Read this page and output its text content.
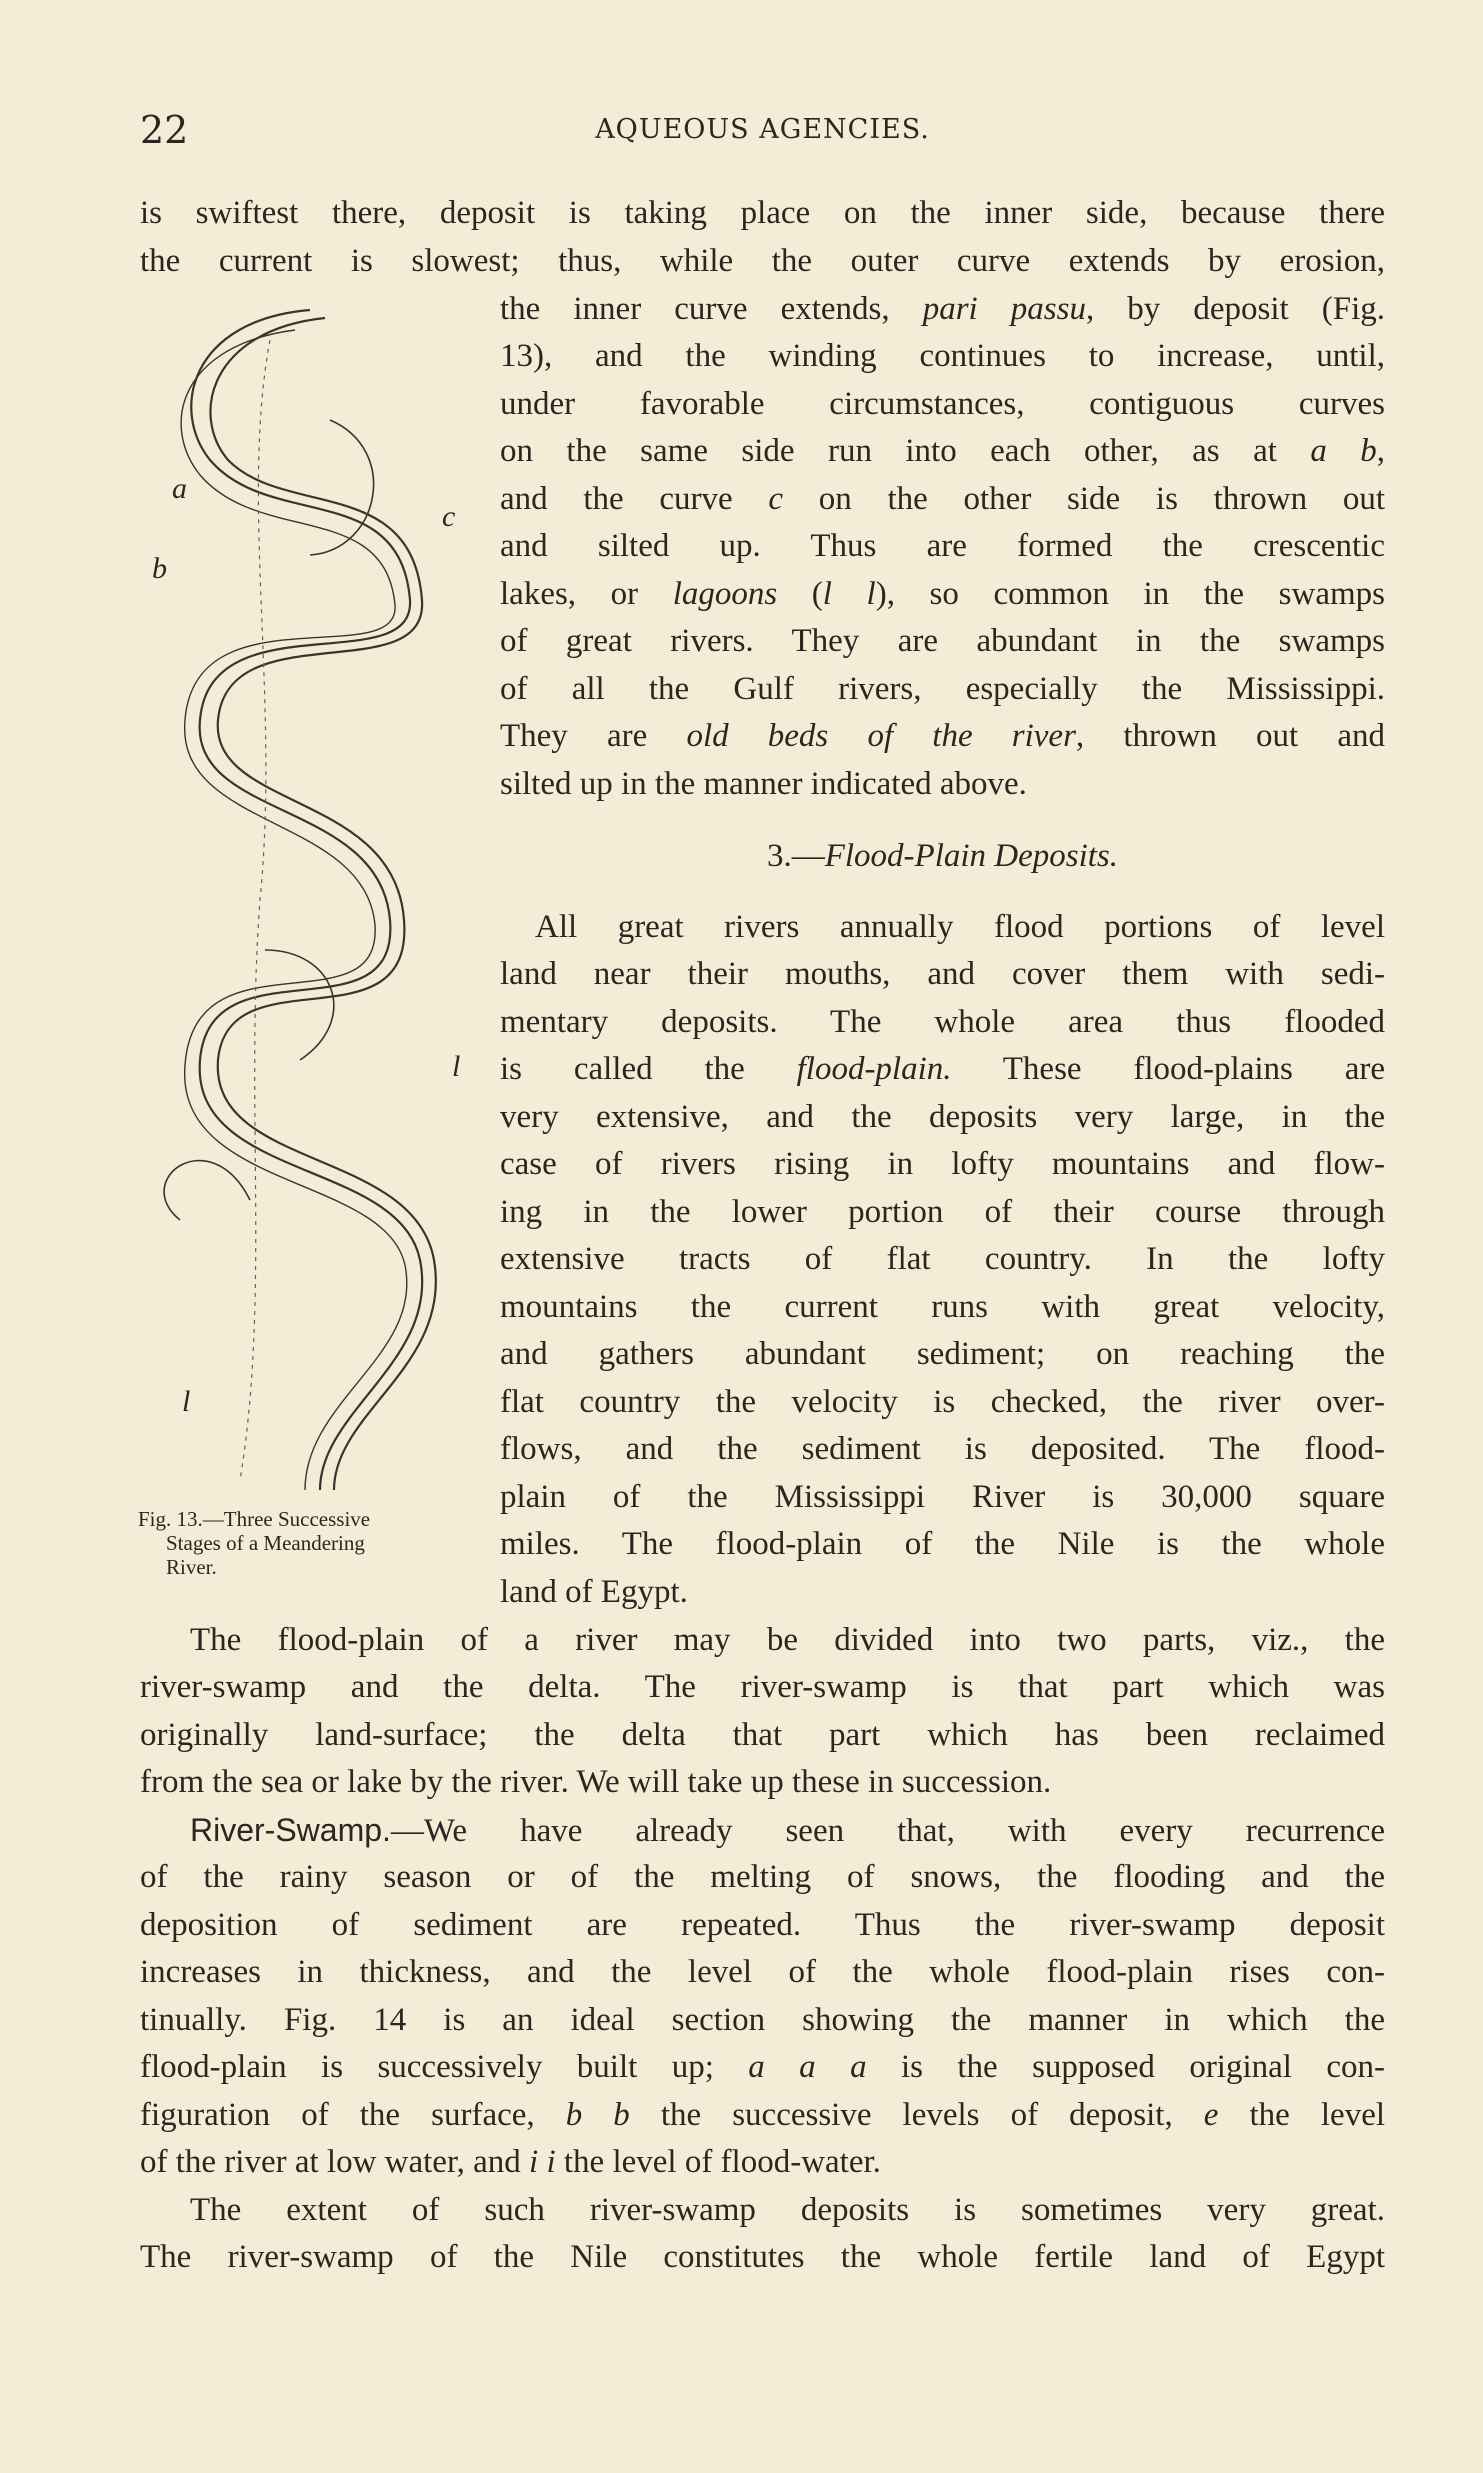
22	AQUEOUS AGENCIES.

is swiftest there, deposit is taking place on the inner side, because there

the current is slowest; thus, while the outer curve extends by erosion,

the inner curve extends, pari passu, by deposit (Fig.

13), and the winding continues to increase, until,

under favorable circumstances, contiguous curves

on the same side run into each other, as at a b,

and the curve c on the other side is thrown out

and silted up. Thus are formed the crescentic

lakes, or lagoons (l l), so common in the swamps

of great rivers. They are abundant in the swamps

of all the Gulf rivers, especially the Mississippi.

They are old beds of the river, thrown out and

silted up in the manner indicated above.

3.—Flood-Plain Deposits.

All great rivers annually flood portions of level

land near their mouths, and cover them with sedi-

mentary deposits. The whole area thus flooded

is called the flood-plain. These flood-plains are

very extensive, and the deposits very large, in the

case of rivers rising in lofty mountains and flow-

ing in the lower portion of their course through

extensive tracts of flat country. In the lofty

mountains the current runs with great velocity,

and gathers abundant sediment; on reaching the

flat country the velocity is checked, the river over-

flows, and the sediment is deposited. The flood-

plain of the Mississippi River is 30,000 square

miles. The flood-plain of the Nile is the whole

land of Egypt.

a
b
c
l
l
Fig. 13.—Three Successive
Stages of a Meandering
River.

The flood-plain of a river may be divided into two parts, viz., the

river-swamp and the delta. The river-swamp is that part which was

originally land-surface; the delta that part which has been reclaimed

from the sea or lake by the river. We will take up these in succession.

River-Swamp.—We have already seen that, with every recurrence

of the rainy season or of the melting of snows, the flooding and the

deposition of sediment are repeated. Thus the river-swamp deposit

increases in thickness, and the level of the whole flood-plain rises con-

tinually. Fig. 14 is an ideal section showing the manner in which the

flood-plain is successively built up; a a a is the supposed original con-

figuration of the surface, b b the successive levels of deposit, e the level

of the river at low water, and i i the level of flood-water.

The extent of such river-swamp deposits is sometimes very great.

The river-swamp of the Nile constitutes the whole fertile land of Egypt
